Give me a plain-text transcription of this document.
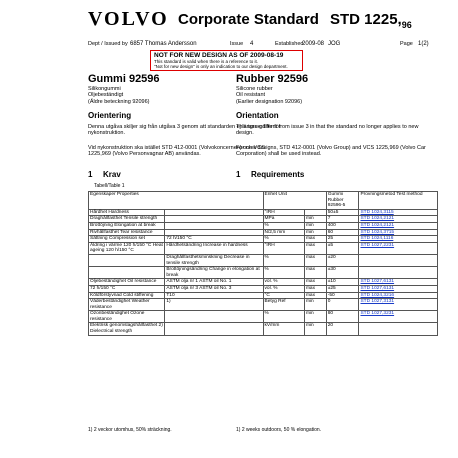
VOLVO Corporate Standard STD $1225,_{96}$
Dept / Issued by 6857 Thomas Andersson	Issue 4	Established
2009-08 JOG	Page 1(2)
NOT FOR NEW DESIGN AS OF 2009-08-19
This standard is valid when there is a reference to it.
"Not for new design" is only an indication to our design department.
Gummi 92596
Silikongummi
Oljebeständigt
(Äldre beteckning 92096)
Orientering
Denna utgåva skiljer sig från utgåva 3 genom att standarden ej längre gäller för nykonstruktion.
Vid nykonstruktion ska istället STD 412-0001 (Volvokoncernen) och VCS 1225,969 (Volvo Personvagnar AB) användas.
1 Krav
Rubber 92596
Silicone rubber
Oil resistant
(Earlier designation 92096)
Orientation
This issue differs from issue 3 in that the standard no longer applies to new design.
For new designs, STD 412-0001 (Volvo Group) and VCS 1225,969 (Volvo Car Corporation) shall be used instead.
1 Requirements
Tabell/Table 1
Egenskaper Properties		Enhet Unit		Gummi Rubber 92596-5	Provningsmetod Test method
Hårdhet Hardness		°IRH		50±5	STD 1024,3115
Draghållfasthet Tensile strength		MPa	min	7	STD 1024,2121
Brottöjning Elongation at break		%	min	400	STD 1024,2121
Rivhållfasthet Tear resistance		N/2,5 mm	min	60	STD 1024,3715
Sättning Compression set	72 h/150 °C	%	max	25	STD 1024,1116
Åldring i värme 120 h/150 °C Heat ageing 120 h/150 °C	Hårdhetsändring Increase in hardness	°IRH	max	±5	STD 1027,2231
	Draghållfasthetsminskning Decrease in tensile strength	%	max	±20	
	Brottöjningsändring Change in elongation at break	%	max	±30	
Oljebeständighet Oil resistance	ASTM olja nr 1 ASTM oil No. 1	vol. %	max	±10	STD 1027,6131
72 h/150 °C	ASTM olja nr 3 ASTM oil No. 3	vol. %	max	±25	STD 1027,6131
Köldförstyvnad Cold stiffening	T10	°C	max	-50	STD 1024,3216
Väderbeständighet Weather resistance	1)	Betyg Ref	min	0	STD 1027,3131
Ozonbeständighet Ozone resistance		%	min	80	STD 1027,3231
Elektrisk genomslagshållfasthet 2) Dielectrical strength		kV/mm	min	20	
1) 2 veckor utomhus, 50% sträckning.	1) 2 weeks outdoors, 50 % elongation.
